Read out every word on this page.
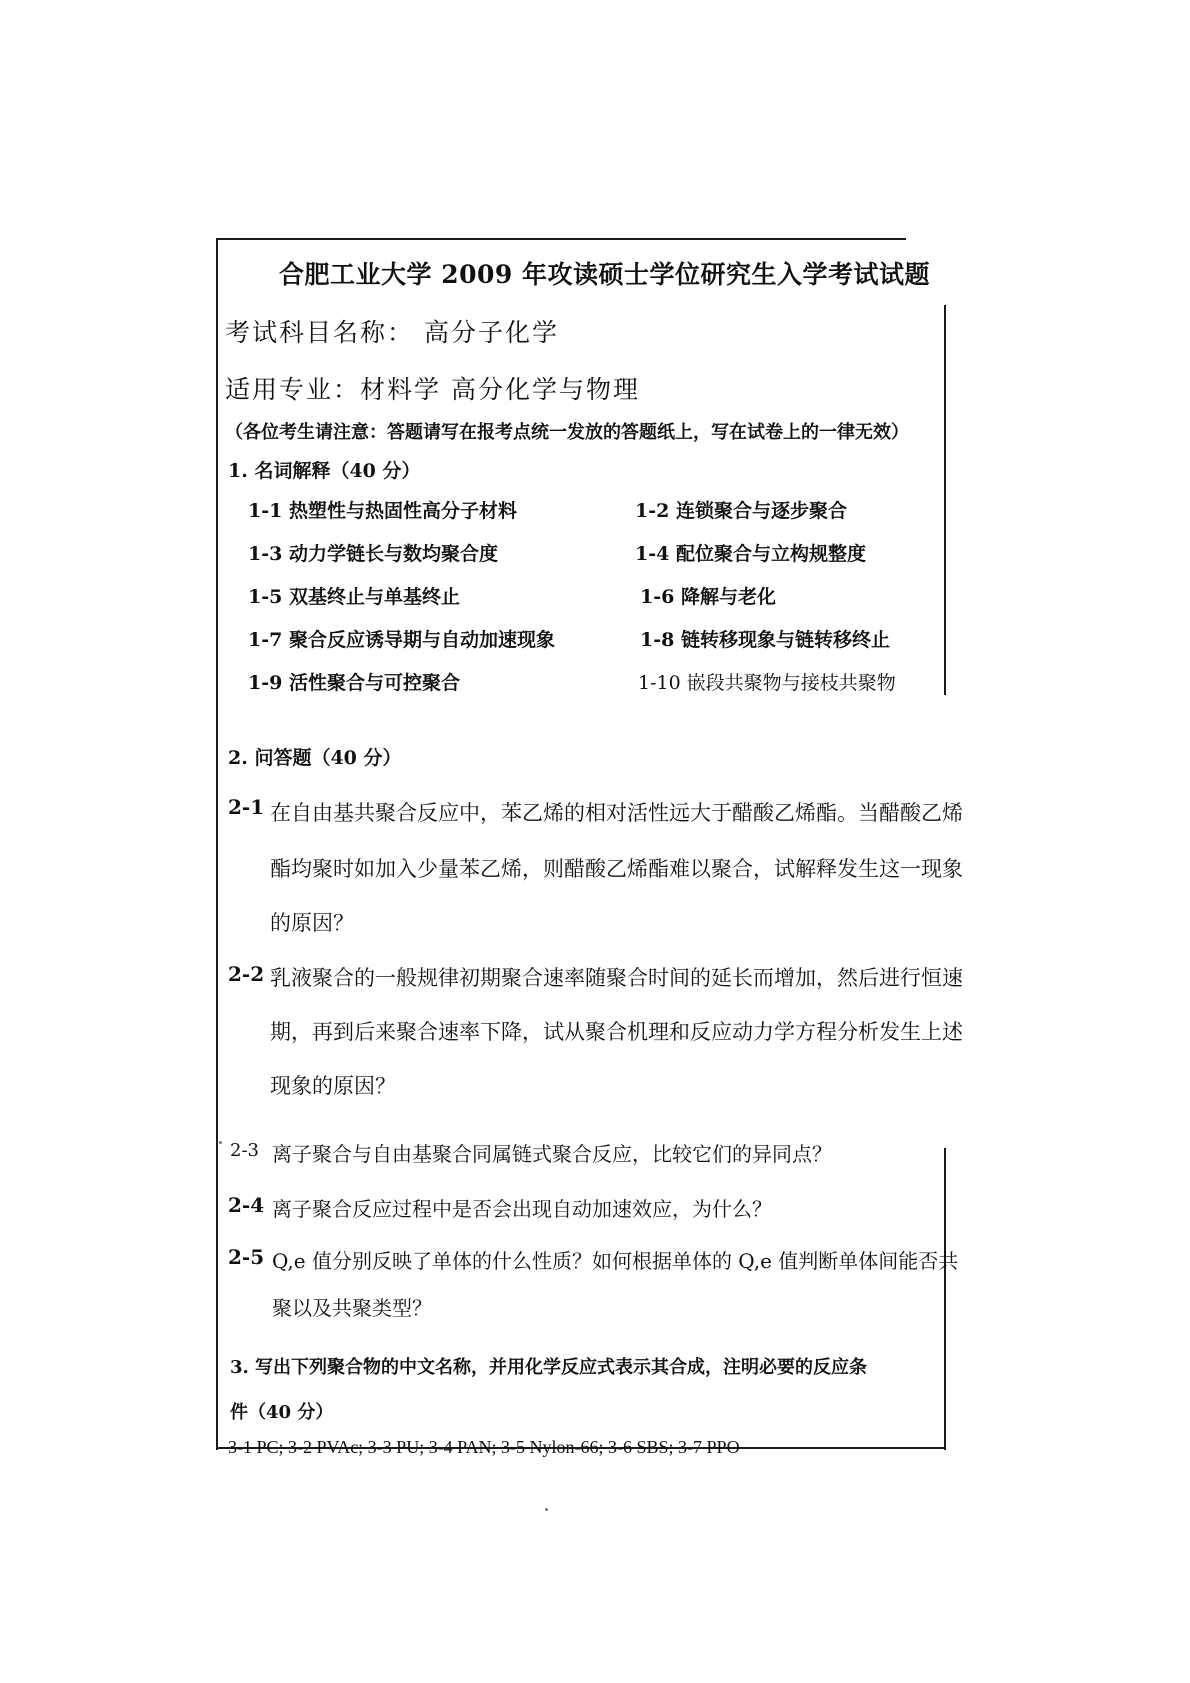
合肥工业大学 2009 年攻读硕士学位研究生入学考试试题
考试科目名称： 高分子化学
适用专业：材料学 高分化学与物理
（各位考生请注意：答题请写在报考点统一发放的答题纸上，写在试卷上的一律无效）
1. 名词解释（40 分）
1-1 热塑性与热固性高分子材料	1-2 连锁聚合与逐步聚合
1-3 动力学链长与数均聚合度	1-4 配位聚合与立构规整度
1-5 双基终止与单基终止	1-6 降解与老化
1-7 聚合反应诱导期与自动加速现象	1-8 链转移现象与链转移终止
1-9 活性聚合与可控聚合	1-10 嵌段共聚物与接枝共聚物
2. 问答题（40 分）
2-1 在自由基共聚合反应中，苯乙烯的相对活性远大于醋酸乙烯酯。当醋酸乙烯
酯均聚时如加入少量苯乙烯，则醋酸乙烯酯难以聚合，试解释发生这一现象
的原因？
2-2 乳液聚合的一般规律初期聚合速率随聚合时间的延长而增加，然后进行恒速
期，再到后来聚合速率下降，试从聚合机理和反应动力学方程分析发生上述
现象的原因？
2-3 离子聚合与自由基聚合同属链式聚合反应，比较它们的异同点？
2-4 离子聚合反应过程中是否会出现自动加速效应，为什么？
2-5 Q,e 值分别反映了单体的什么性质？如何根据单体的 Q,e 值判断单体间能否共
聚以及共聚类型？
3. 写出下列聚合物的中文名称，并用化学反应式表示其合成，注明必要的反应条
件（40 分）
3-1 PC; 3-2 PVAc; 3-3 PU; 3-4 PAN; 3-5 Nylon-66; 3-6 SBS; 3-7 PPO
